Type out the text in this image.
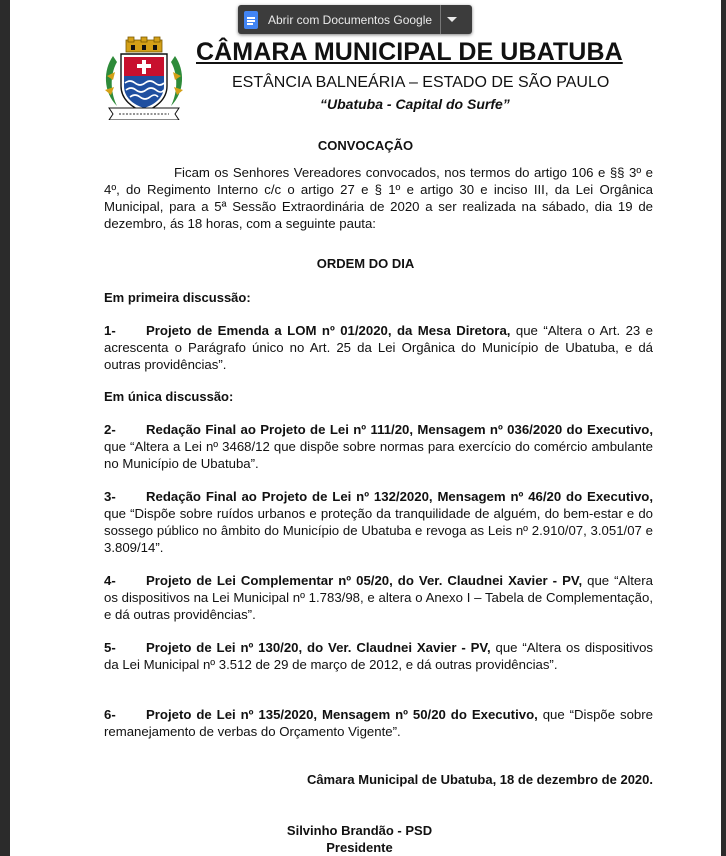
CÂMARA MUNICIPAL DE UBATUBA
ESTÂNCIA BALNEÁRIA – ESTADO DE SÃO PAULO
“Ubatuba - Capital do Surfe”
CONVOCAÇÃO
Ficam os Senhores Vereadores convocados, nos termos do artigo 106 e §§ 3º e 4º, do Regimento Interno c/c o artigo 27 e § 1º e artigo 30 e inciso III, da Lei Orgânica Municipal, para a 5ª Sessão Extraordinária de 2020 a ser realizada na sábado, dia 19 de dezembro, ás 18 horas, com a seguinte pauta:
ORDEM DO DIA
Em primeira discussão:
1- Projeto de Emenda a LOM nº 01/2020, da Mesa Diretora, que “Altera o Art. 23 e acrescenta o Parágrafo único no Art. 25 da Lei Orgânica do Município de Ubatuba, e dá outras providências”.
Em única discussão:
2- Redação Final ao Projeto de Lei nº 111/20, Mensagem nº 036/2020 do Executivo, que “Altera a Lei nº 3468/12 que dispõe sobre normas para exercício do comércio ambulante no Município de Ubatuba”.
3- Redação Final ao Projeto de Lei nº 132/2020, Mensagem nº 46/20 do Executivo, que “Dispõe sobre ruídos urbanos e proteção da tranquilidade de alguém, do bem-estar e do sossego público no âmbito do Município de Ubatuba e revoga as Leis nº 2.910/07, 3.051/07 e 3.809/14”.
4- Projeto de Lei Complementar nº 05/20, do Ver. Claudnei Xavier - PV, que “Altera os dispositivos na Lei Municipal nº 1.783/98, e altera o Anexo I – Tabela de Complementação, e dá outras providências”.
5- Projeto de Lei nº 130/20, do Ver. Claudnei Xavier - PV, que “Altera os dispositivos da Lei Municipal nº 3.512 de 29 de março de 2012, e dá outras providências”.
6- Projeto de Lei nº 135/2020, Mensagem nº 50/20 do Executivo, que “Dispõe sobre remanejamento de verbas do Orçamento Vigente”.
Câmara Municipal de Ubatuba, 18 de dezembro de 2020.
Silvinho Brandão - PSD
Presidente
Abrir com Documentos Google
